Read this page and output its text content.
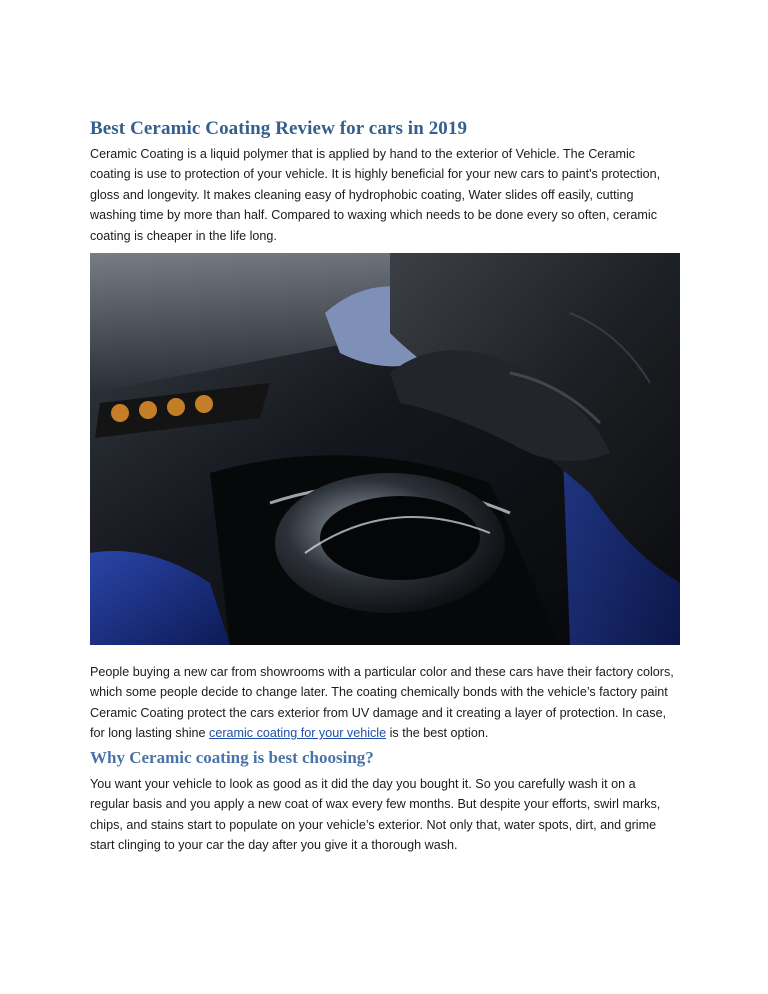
Best Ceramic Coating Review for cars in 2019

Ceramic Coating is a liquid polymer that is applied by hand to the exterior of Vehicle. The Ceramic coating is use to protection of your vehicle. It is highly beneficial for your new cars to paint's protection, gloss and longevity. It makes cleaning easy of hydrophobic coating, Water slides off easily, cutting washing time by more than half. Compared to waxing which needs to be done every so often, ceramic coating is cheaper in the life long.

People buying a new car from showrooms with a particular color and these cars have their factory colors, which some people decide to change later. The coating chemically bonds with the vehicle’s factory paint Ceramic Coating protect the cars exterior from UV damage and it creating a layer of protection. In case, for long lasting shine ceramic coating for your vehicle is the best option.

Why Ceramic coating is best choosing?

You want your vehicle to look as good as it did the day you bought it. So you carefully wash it on a regular basis and you apply a new coat of wax every few months. But despite your efforts, swirl marks, chips, and stains start to populate on your vehicle’s exterior. Not only that, water spots, dirt, and grime start clinging to your car the day after you give it a thorough wash.
